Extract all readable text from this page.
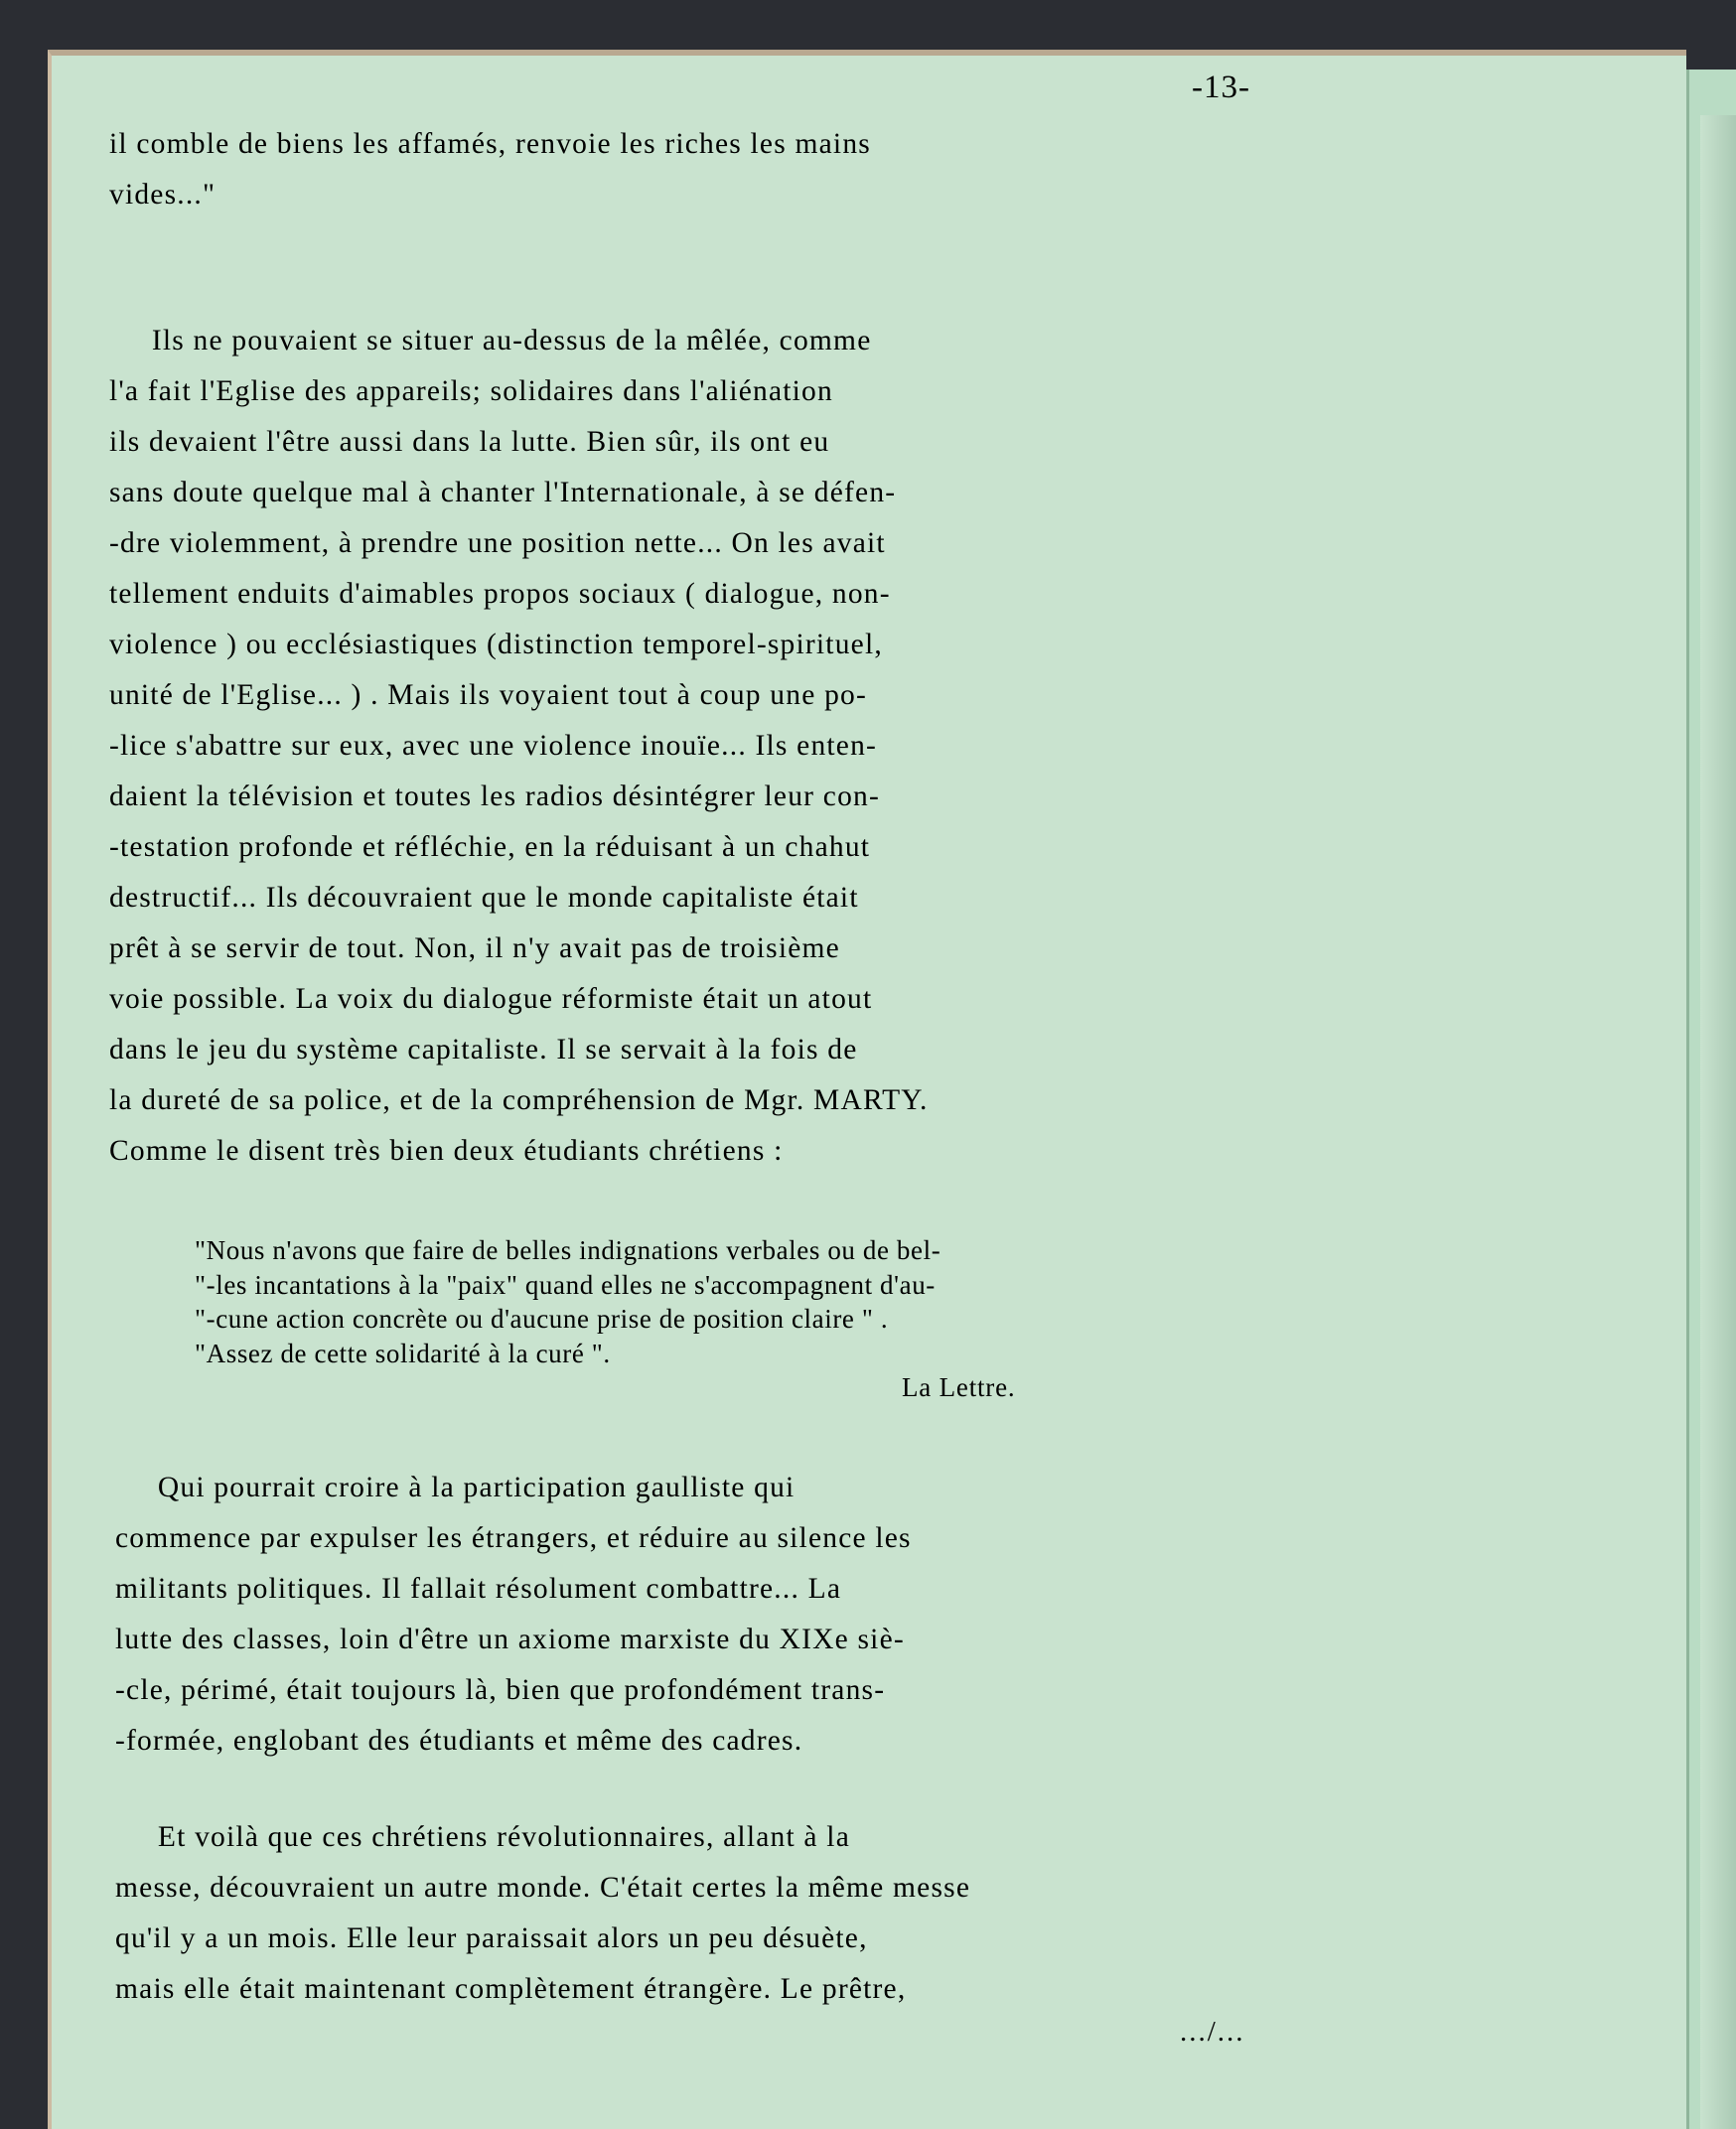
-13-

il comble de biens les affamés, renvoie les riches les mains

vides..."

Ils ne pouvaient se situer au-dessus de la mêlée, comme

l'a fait l'Eglise des appareils; solidaires dans l'aliénation

ils devaient l'être aussi dans la lutte. Bien sûr, ils ont eu

sans doute quelque mal à chanter l'Internationale, à se défen-

-dre violemment, à prendre une position nette... On les avait

tellement enduits d'aimables propos sociaux ( dialogue, non-

violence ) ou ecclésiastiques (distinction temporel-spirituel,

unité de l'Eglise... ) . Mais ils voyaient tout à coup une po-

-lice s'abattre sur eux, avec une violence inouïe... Ils enten-

daient la télévision et toutes les radios désintégrer leur con-

-testation profonde et réfléchie, en la réduisant à un chahut

destructif... Ils découvraient que le monde capitaliste était

prêt à se servir de tout. Non, il n'y avait pas de troisième

voie possible. La voix du dialogue réformiste était un atout

dans le jeu du système capitaliste. Il se servait à la fois de

la dureté de sa police, et de la compréhension de Mgr. MARTY.

Comme le disent très bien deux étudiants chrétiens :

"Nous n'avons que faire de belles indignations verbales ou de bel-

"-les incantations à la "paix" quand elles ne s'accompagnent d'au-

"-cune action concrète ou d'aucune prise de position claire " .

"Assez de cette solidarité à la curé ".

La Lettre.

Qui pourrait croire à la participation gaulliste qui

commence par expulser les étrangers, et réduire au silence les

militants politiques. Il fallait résolument combattre... La

lutte des classes, loin d'être un axiome marxiste du XIXe siè-

-cle, périmé, était toujours là, bien que profondément trans-

-formée, englobant des étudiants et même des cadres.

Et voilà que ces chrétiens révolutionnaires, allant à la

messe, découvraient un autre monde. C'était certes la même messe

qu'il y a un mois. Elle leur paraissait alors un peu désuète,

mais elle était maintenant complètement étrangère. Le prêtre,

.../...
